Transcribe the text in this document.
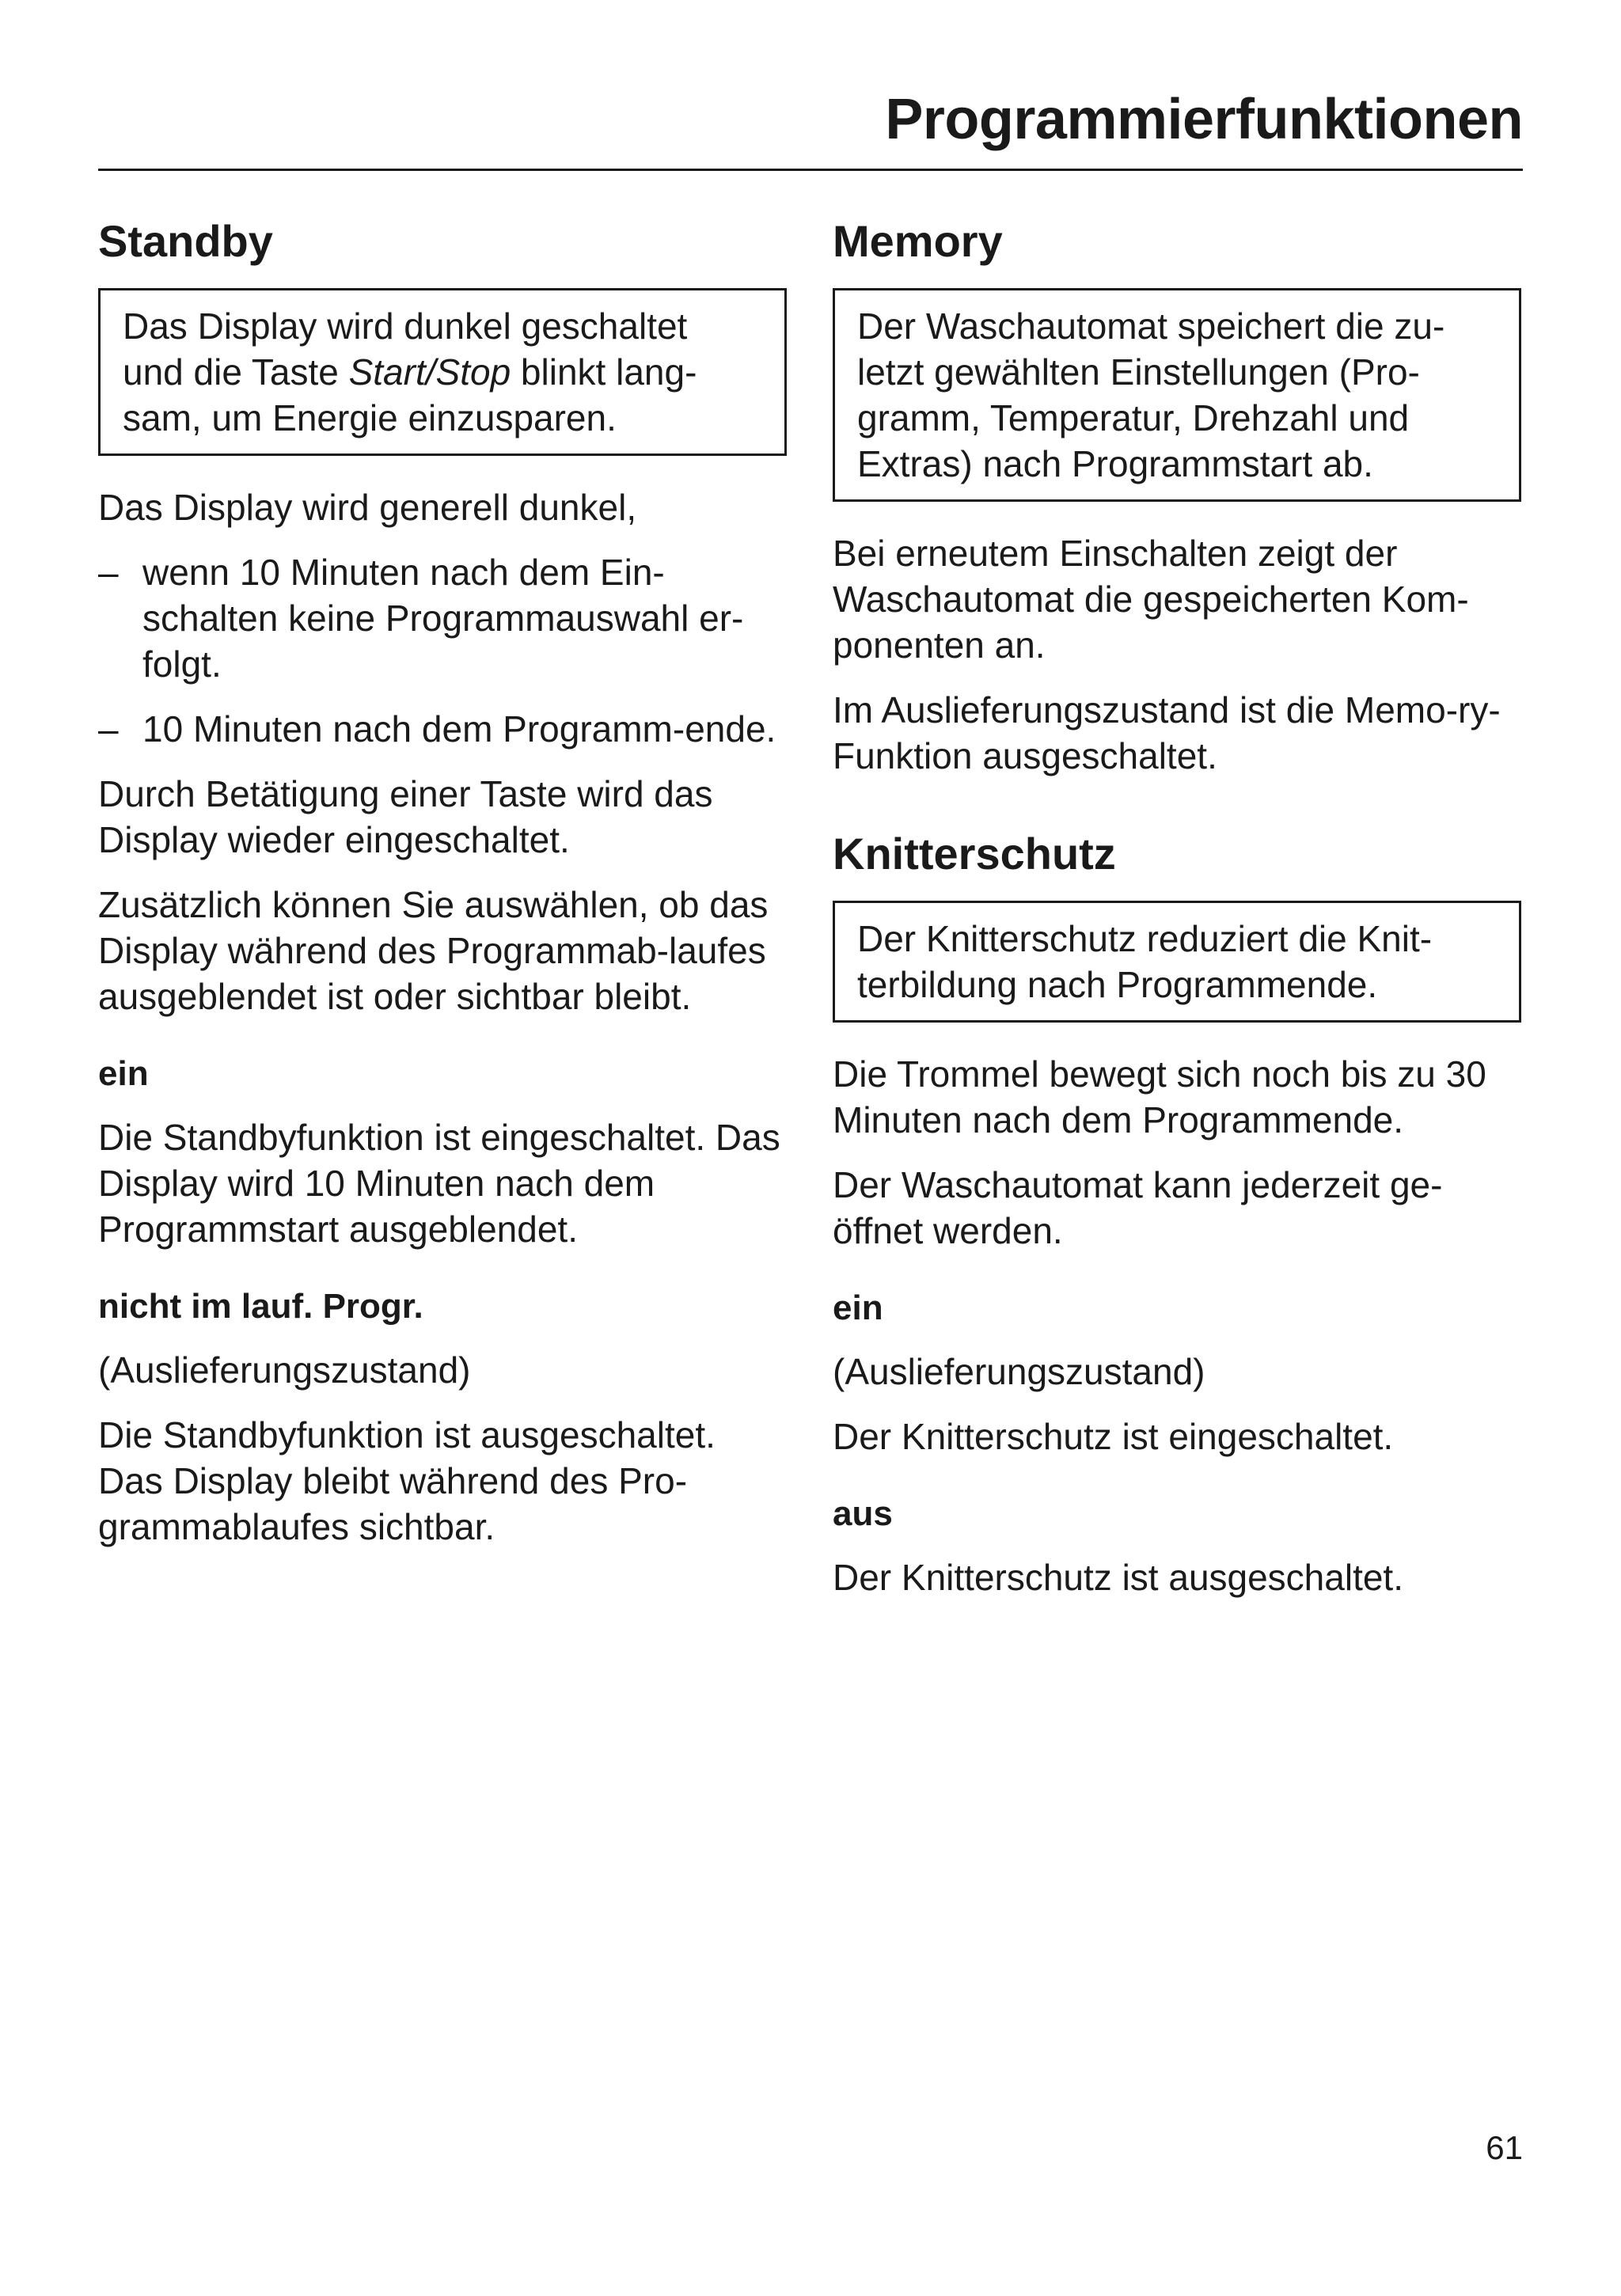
Programmierfunktionen
Standby

Das Display wird dunkel geschaltet
und die Taste Start/Stop blinkt lang-
sam, um Energie einzusparen.

Das Display wird generell dunkel,

– wenn 10 Minuten nach dem Ein-schalten keine Programmauswahl er-folgt.
– 10 Minuten nach dem Programm-ende.

Durch Betätigung einer Taste wird das Display wieder eingeschaltet.

Zusätzlich können Sie auswählen, ob das Display während des Programmab-laufes ausgeblendet ist oder sichtbar bleibt.

ein

Die Standbyfunktion ist eingeschaltet. Das Display wird 10 Minuten nach dem Programmstart ausgeblendet.

nicht im lauf. Progr.

(Auslieferungszustand)

Die Standbyfunktion ist ausgeschaltet. Das Display bleibt während des Pro-grammablaufes sichtbar.

Memory

Der Waschautomat speichert die zu-letzt gewählten Einstellungen (Pro-gramm, Temperatur, Drehzahl und Extras) nach Programmstart ab.

Bei erneutem Einschalten zeigt der Waschautomat die gespeicherten Kom-ponenten an.

Im Auslieferungszustand ist die Memo-ry-Funktion ausgeschaltet.

Knitterschutz

Der Knitterschutz reduziert die Knit-terbildung nach Programmende.

Die Trommel bewegt sich noch bis zu 30 Minuten nach dem Programmende.

Der Waschautomat kann jederzeit ge-öffnet werden.

ein

(Auslieferungszustand)

Der Knitterschutz ist eingeschaltet.

aus

Der Knitterschutz ist ausgeschaltet.

61
